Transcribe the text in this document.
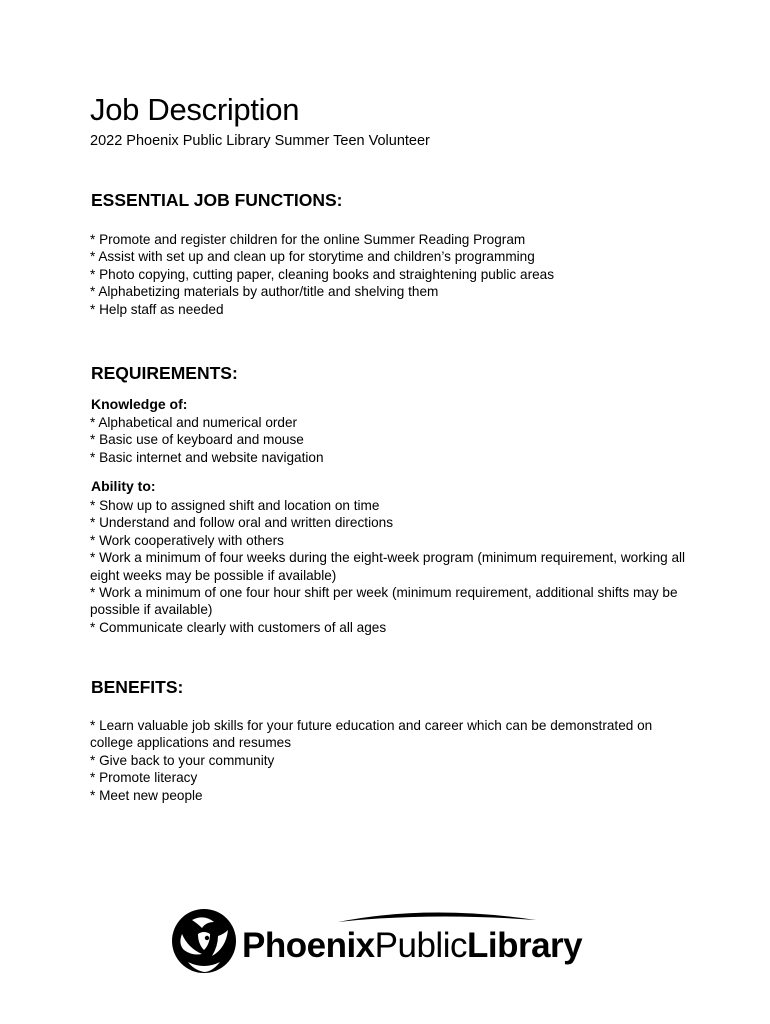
Job Description
2022 Phoenix Public Library Summer Teen Volunteer
ESSENTIAL JOB FUNCTIONS:
* Promote and register children for the online Summer Reading Program
* Assist with set up and clean up for storytime and children’s programming
* Photo copying, cutting paper, cleaning books and straightening public areas
* Alphabetizing materials by author/title and shelving them
* Help staff as needed
REQUIREMENTS:
Knowledge of:
* Alphabetical and numerical order
* Basic use of keyboard and mouse
* Basic internet and website navigation
Ability to:
* Show up to assigned shift and location on time
* Understand and follow oral and written directions
* Work cooperatively with others
* Work a minimum of four weeks during the eight-week program (minimum requirement, working all eight weeks may be possible if available)
* Work a minimum of one four hour shift per week (minimum requirement, additional shifts may be possible if available)
* Communicate clearly with customers of all ages
BENEFITS:
* Learn valuable job skills for your future education and career which can be demonstrated on college applications and resumes
* Give back to your community
* Promote literacy
* Meet new people
PhoenixPublicLibrary
